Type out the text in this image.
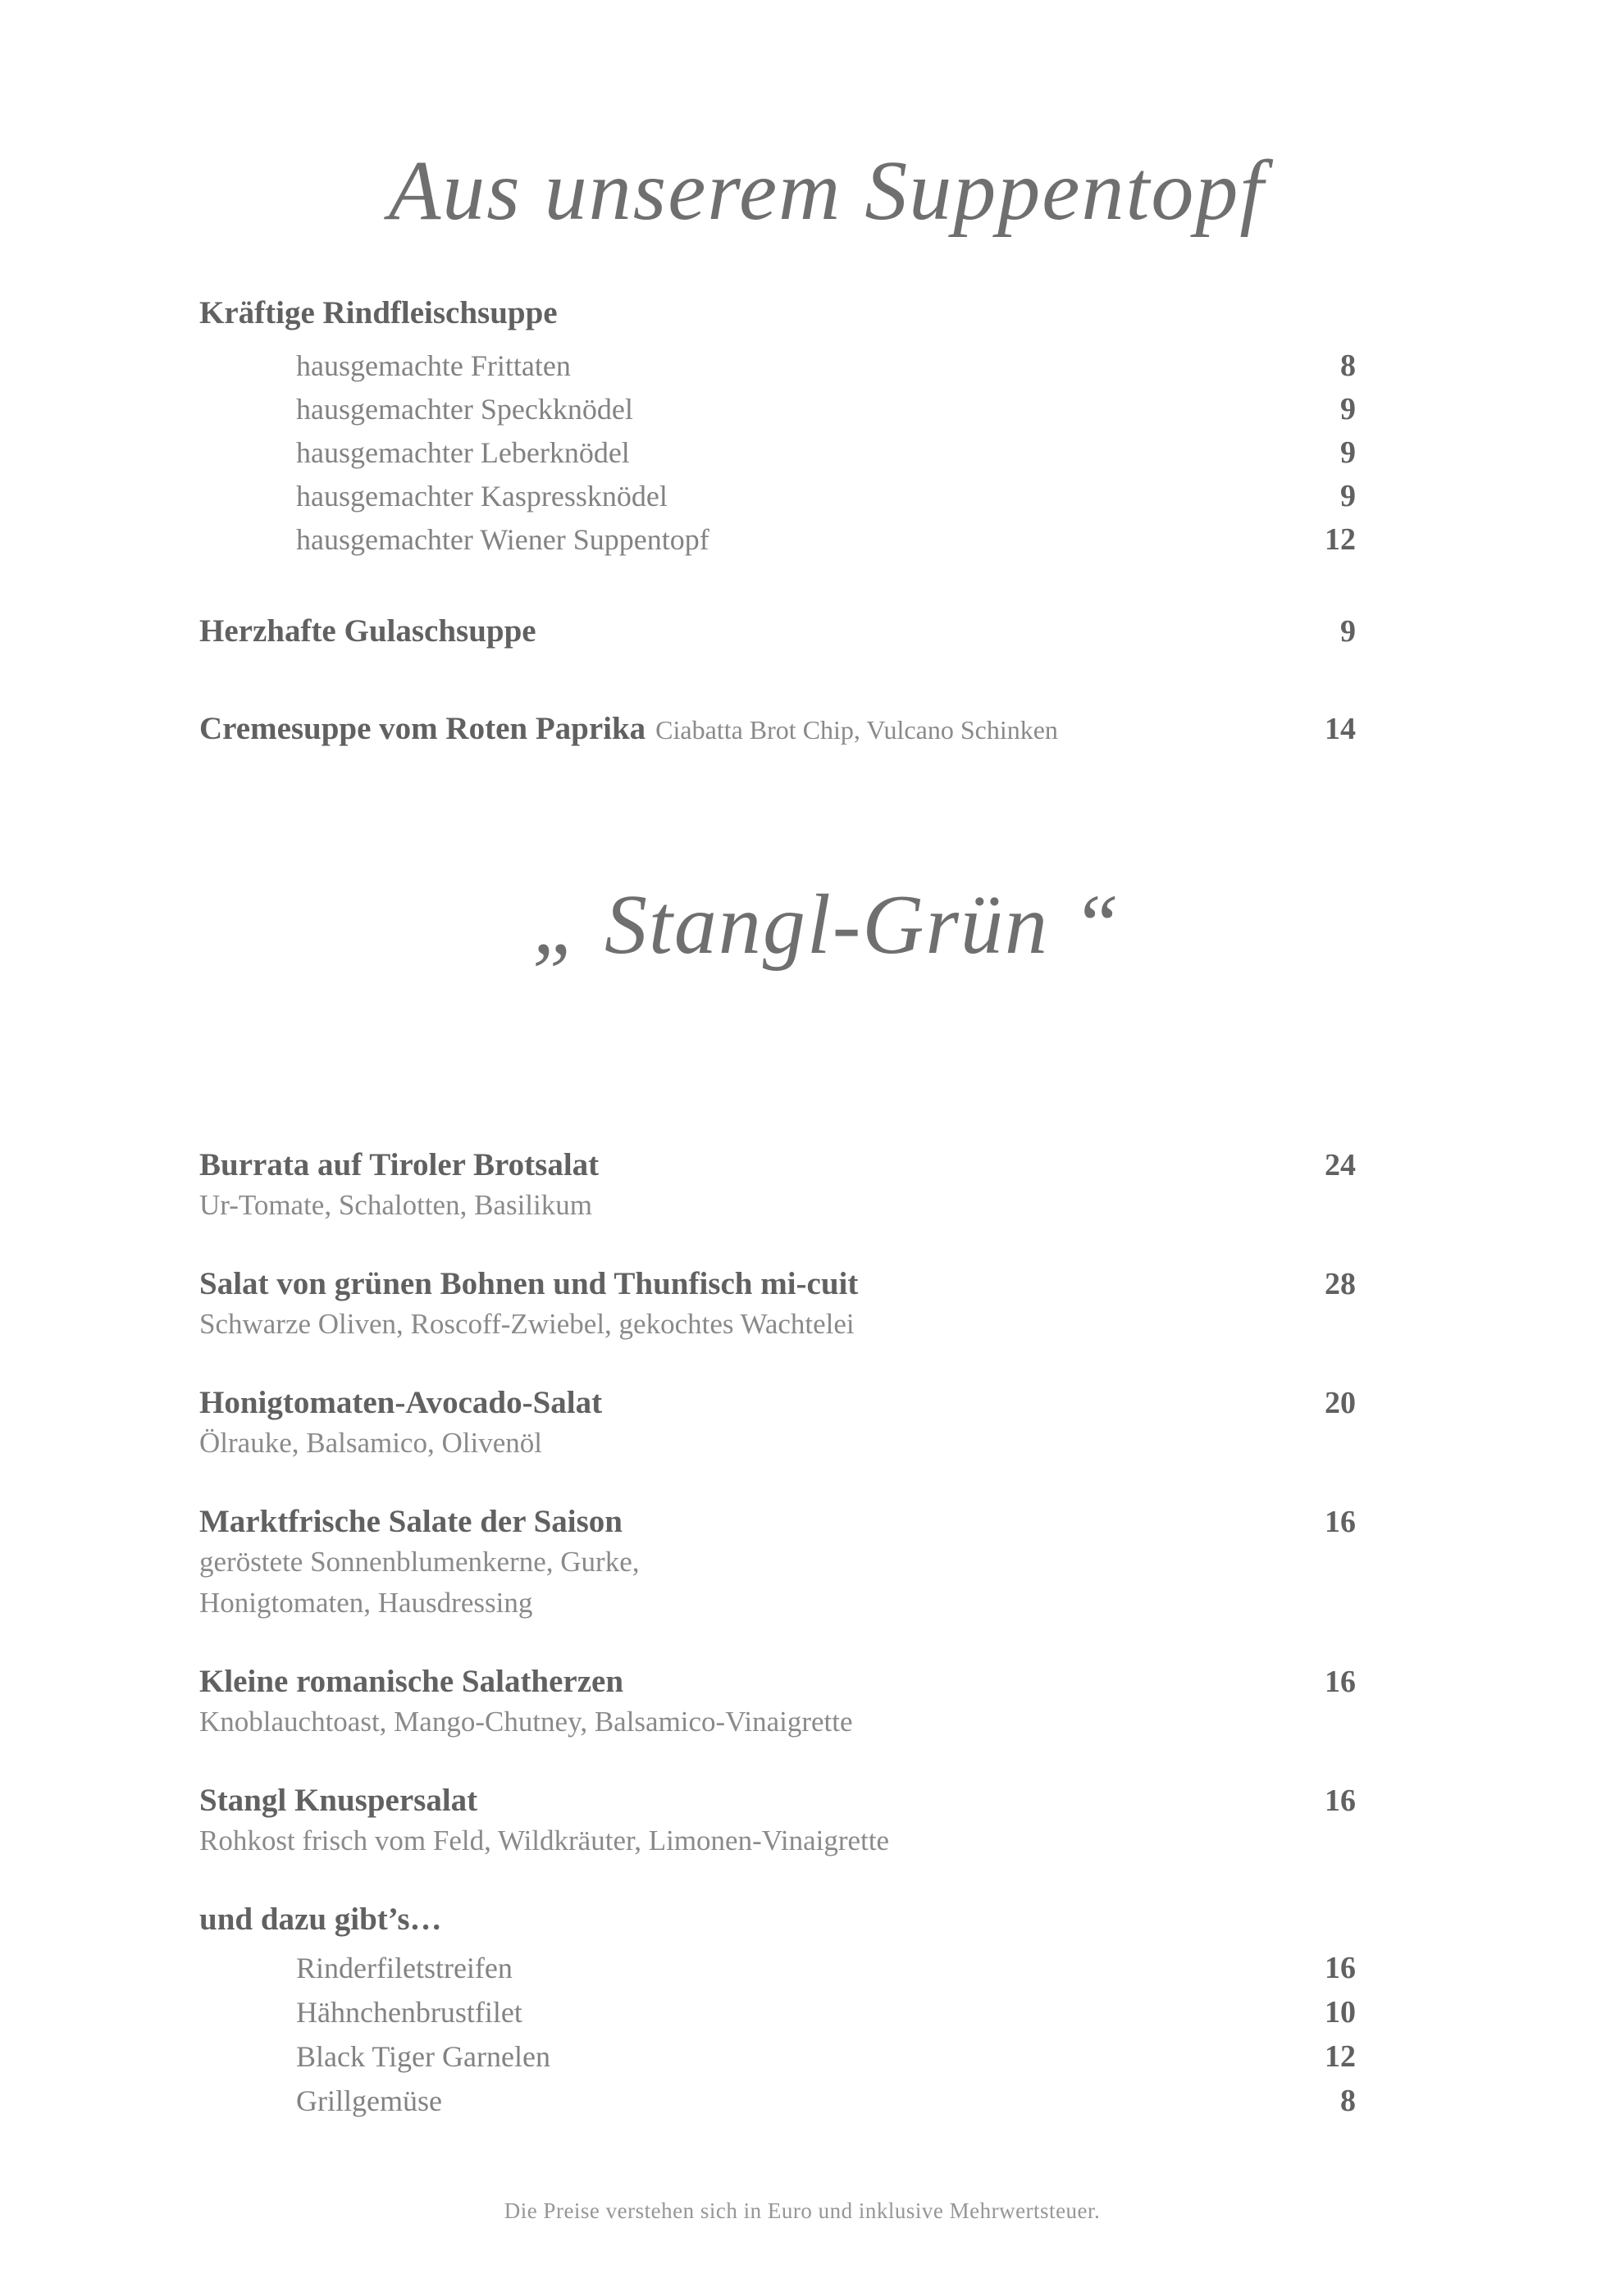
Aus unserem Suppentopf
Kräftige Rindfleischsuppe
hausgemachte Frittaten	8
hausgemachter Speckknödel	9
hausgemachter Leberknödel	9
hausgemachter Kaspressknödel	9
hausgemachter Wiener Suppentopf	12
Herzhafte Gulaschsuppe	9
Cremesuppe vom Roten Paprika Ciabatta Brot Chip, Vulcano Schinken	14
„ Stangl-Grün “
Burrata auf Tiroler Brotsalat	24
Ur-Tomate, Schalotten, Basilikum
Salat von grünen Bohnen und Thunfisch mi-cuit	28
Schwarze Oliven, Roscoff-Zwiebel, gekochtes Wachtelei
Honigtomaten-Avocado-Salat	20
Ölrauke, Balsamico, Olivenöl
Marktfrische Salate der Saison	16
geröstete Sonnenblumenkerne, Gurke,
Honigtomaten, Hausdressing
Kleine romanische Salatherzen	16
Knoblauchtoast, Mango-Chutney, Balsamico-Vinaigrette
Stangl Knuspersalat	16
Rohkost frisch vom Feld, Wildkräuter, Limonen-Vinaigrette
und dazu gibt’s…
Rinderfiletstreifen	16
Hähnchenbrustfilet	10
Black Tiger Garnelen	12
Grillgemüse	8
Die Preise verstehen sich in Euro und inklusive Mehrwertsteuer.
